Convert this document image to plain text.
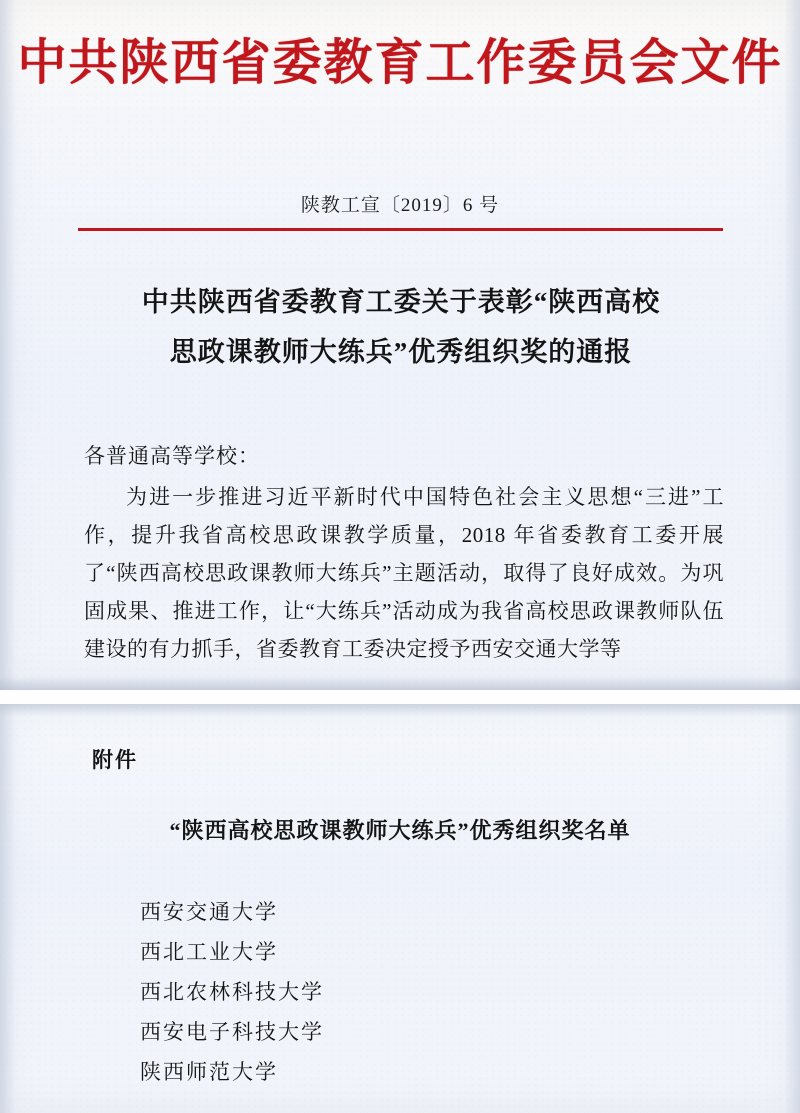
中共陕西省委教育工作委员会文件
陕教工宣〔2019〕6 号
中共陕西省委教育工委关于表彰“陕西高校
思政课教师大练兵”优秀组织奖的通报
各普通高等学校：

为进一步推进习近平新时代中国特色社会主义思想“三进”工作，提升我省高校思政课教学质量，2018 年省委教育工委开展了“陕西高校思政课教师大练兵”主题活动，取得了良好成效。为巩固成果、推进工作，让“大练兵”活动成为我省高校思政课教师队伍建设的有力抓手，省委教育工委决定授予西安交通大学等

附件
“陕西高校思政课教师大练兵”优秀组织奖名单
西安交通大学
西北工业大学
西北农林科技大学
西安电子科技大学
陕西师范大学
